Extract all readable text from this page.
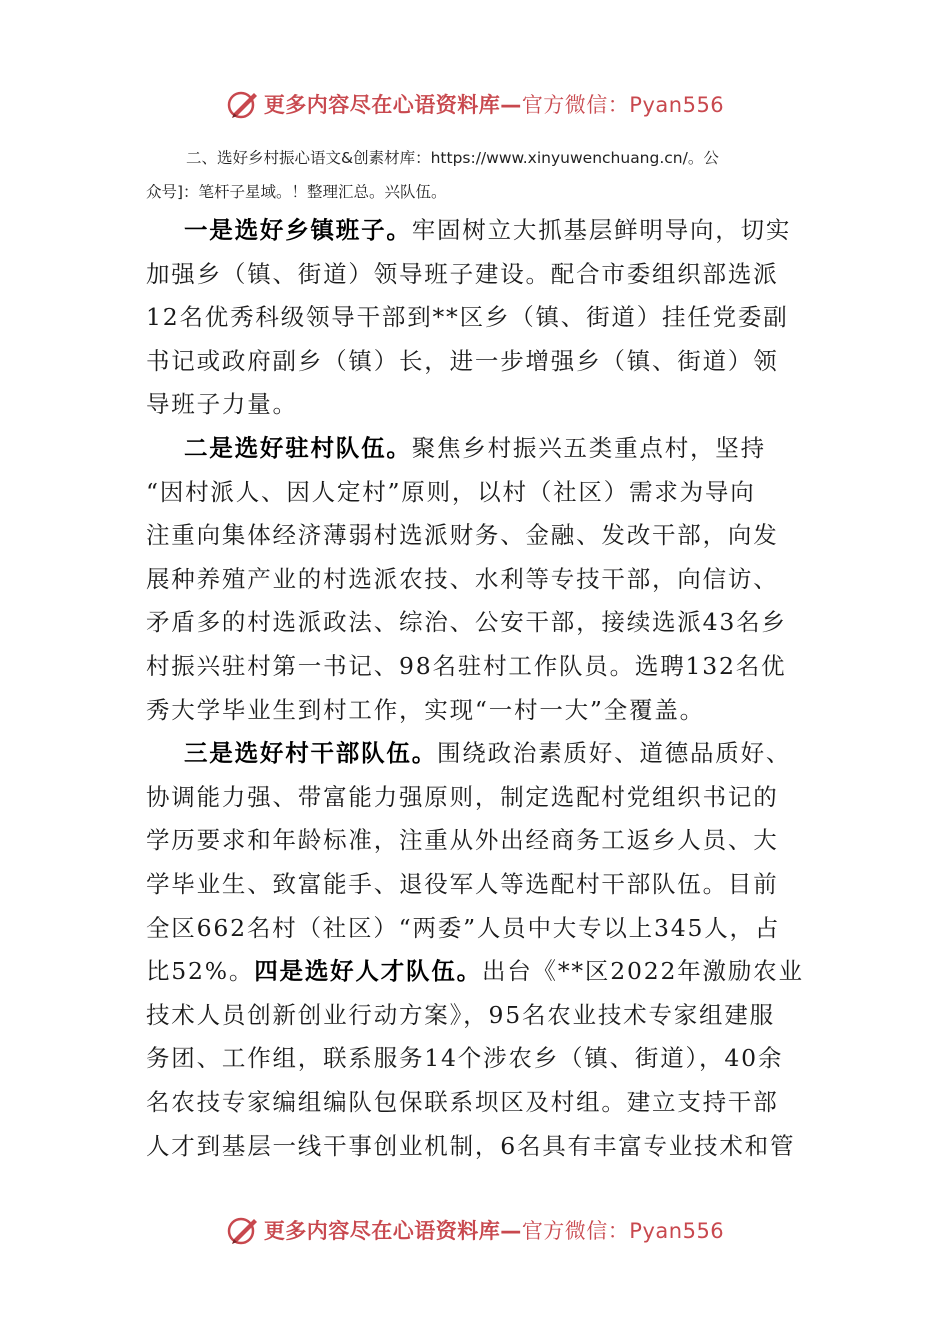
更多内容尽在心语资料库—官方微信：Pyan556
二、选好乡村振心语文&创素材库：https://www.xinyuwenchuang.cn/。公
众号]：笔杆子星域。！整理汇总。兴队伍。
一是选好乡镇班子。牢固树立大抓基层鲜明导向，切实
加强乡（镇、街道）领导班子建设。配合市委组织部选派
12名优秀科级领导干部到**区乡（镇、街道）挂任党委副
书记或政府副乡（镇）长，进一步增强乡（镇、街道）领
导班子力量。
二是选好驻村队伍。聚焦乡村振兴五类重点村，坚持
“因村派人、因人定村”原则，以村（社区）需求为导向
注重向集体经济薄弱村选派财务、金融、发改干部，向发
展种养殖产业的村选派农技、水利等专技干部，向信访、
矛盾多的村选派政法、综治、公安干部，接续选派43名乡
村振兴驻村第一书记、98名驻村工作队员。选聘132名优
秀大学毕业生到村工作，实现“一村一大”全覆盖。
三是选好村干部队伍。围绕政治素质好、道德品质好、
协调能力强、带富能力强原则，制定选配村党组织书记的
学历要求和年龄标准，注重从外出经商务工返乡人员、大
学毕业生、致富能手、退役军人等选配村干部队伍。目前
全区662名村（社区）“两委”人员中大专以上345人，占
比52%。四是选好人才队伍。出台《**区2022年激励农业
技术人员创新创业行动方案》，95名农业技术专家组建服
务团、工作组，联系服务14个涉农乡（镇、街道），40余
名农技专家编组编队包保联系坝区及村组。建立支持干部
人才到基层一线干事创业机制，6名具有丰富专业技术和管
更多内容尽在心语资料库—官方微信：Pyan556
